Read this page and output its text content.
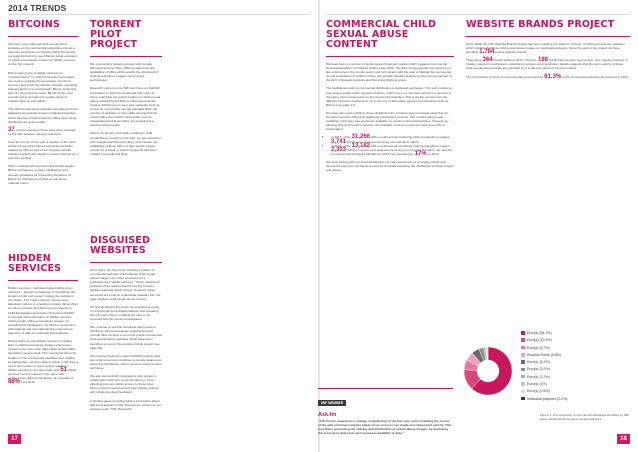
2014 TRENDS
BITCOINS

We have now confirmed child sexual abuse websites on the commercial subscription list as a payment mechanism in January 2014. Previously our analysts had only seen Bitcoin being accepted on child sexual abuse content on hidden services on the Tor network.

Bitcoin was a type of digital currency (or "cryptocurrency") in which encryption techniques are used to regulate the generation of units of currency and verify the transfer of funds, operating independently of a central bank. Bitcoin is the first type of cryptocurrency used. Bitcoin is the most popular and is accepted by a wide range of retailers both on and offline.

The child sexual abuse websites accepting bitcoins appeared as separate listed on hijacked websites which had been hacked and the URLs were being distributed via spam emails.

37 reports relating to these sites were received by the IWF between January and April.

Over the course of the year a number of the most prolific commercial child sexual abuse websites tracked by IWF as part of our ongoing website brands research also began to accept bitcoins as a payment method.

IWF is working with several of the world's largest Bitcoin exchanges to share intelligence and develop strategies for preventing the abuse of Bitcoin by distributors of child sexual abuse material online.

HIDDEN SERVICES

Hidden services – websites hosted within proxy networks – present a challenge to the IWF as the location of the web server hosting the website is not visible. This means that we cannot issue takedown notices to a hosting provider. Since 2014 we have provided the National Crime Agency's Child Exploitation and Online Protection (CEOP) Command with information on hidden services which contain child sexual abuse images, by providing this intelligence, the NCA in conjunction with national and international law enforcement agencies, is able to undertake investigations.

During 2014 we saw hidden services providing links to child sexual abuse images which were hosted on the open web rather than hosted within the hidden service itself. This meant that when the location of the content was identified and notified as appropriate, we were able to action it. We saw a rise in the number of such reports relating to hidden services in the open web, with 51 hidden services content hosted on the open web confirmed as child sexual abuse, an increase of 88% over 2013.

TORRENT PILOT PROJECT

We successfully piloted a project with Google Microsoft and the Home Office to determine the availability of URLs which enable the download of child sexual abuse images using torrent technologies.

Research carried out by IWF and the Lucy Faithfull Foundation in 2013 demonstrated that many of those searching via search engines for child sexual abuse material found links to child sexual abuse images. Whilst peer-to-peer type networks such as torrent do not typically use the standard Web, the number of websites on the public internet that list torrent URLs from which content files may be downloaded and these URLs are considered a search engine results.

Where we identify such URLs relating to child sexual abuse content on the web, we removed them with Google and Microsoft. Bing, who monitor the availability of those URLs in their search engine results. As a result, a search engine hit has been notified to Google and Bing.

DISGUISED WEBSITES

Since 2011, we have been tracking a pattern of commercial websites which display child sexual abuse images only when accessed via a predetermined "digital pathway". These "disguised" websites when loaded directly into the browser display legitimate adult content. However, when accessed via a link on a particular gateway site, the page displays child sexual abuse content.

On first identifying this trend, we engineered a way of circumventing the digital pathway and revealing the criminal content, enabling the sites to be removed and the owners investigated.

We continue to see this technique being used to distribute child sexual abuse material and also provide direct access to the most prolific commercial child sexual abuse websites which have been identified as part of the website brands project (see page 18).

We provided training to other INHOPE hotlines and law enforcement and continue to provide awareness about this distribution method and our circumvention technique.

We also successfully completed a pilot project in collaboration with one of our Members to more effectively prevent public access to these sites where content had previously been hidden and we will include the client feedback.

A briefing paper providing further information about this trend appears in the "Resources" section on our website under "IWF Research".

17
COMMERCIAL CHILD SEXUAL ABUSE CONTENT

We have been a member of the European Financial Coalition (EFC) against Commercial Sexual Exploitation of Children Online since 2010. The EFC brings together key actors from law enforcement, the private sector and civil society with the goal of fighting the commercial sexual exploitation of children online. We provide detailed analysis of the commercial part of the EFC's Strategic Analysis and Reporting Working group.

The traditional model of commercial distribution is dedicated webpages. This sells content to buy using a single online payment services, which rely on a merchant account or account in the same payment accounts as the commercial websites. This is via the content from the different payment mechanisms, as in the use of alternative payment mechanisms such as Bitcoin (see page 17).

We have also seen a shift by those distributing the criminal content towards using Pay-for-Premium services offered by legitimate cyberlocker services. The content being made available in this way was previously available on social commercial websites. However by allowing Pay-for-Premium services, the uploader receives a payment each time a file is downloaded.

• In 2013, of the 31,266 URLs confirmed as containing child sexual abuse images 3,741 (12%) were assessed as being commercial in nature.
• In 2014, of the 13,182 URLs confirmed as containing child sexual abuse images 2,303 (18%) of reports were assessed as being commercial. Therefore, the number of commercial webpages identified in 2014 has increased by 17% on 2013.

We work closely with our financial Members to raise awareness of emerging trends and disrupt the payment mechanisms used by criminals exploiting the distribution of these images and videos.

IWF MEMBER
Ask.fm
"Ask.fm has undergone a change of leadership in the last year, and combating the issues of the web and improving the safety of our users is our single most important priority. This tool offers preventing the sharing and distribution of sexual abuse images, by deploying the most up to date tools and resources available to date."
WEBSITE BRANDS PROJECT

Since 2009, the IWF Website Brands Project has been tracking the different "brands" of child sexual abuse websites which publicly distribute child sexual abuse images on dedicated websites. Since the start of the project we have identified 1,784 unique website brands.

There were 364 brands active in 2014. Of these, 188 (51%) had not been seen before. Our ongoing analysis of hosting, payment mechanisms, advertising systems and registration details suggests that the vast majority of these child sexual abuse brands are operated by a small core group of criminal entities.

The top location of these commercial sites accounted for 61.3% of the commercial websites we actioned in 2014.

Euro(s) (61.3%)
Euro(s) (13.9%)
Euro(s) (6.7%)
Russian Ruble (5.8%)
Euro(s) (5.2%)
Euro(s) (3.2%)
Euro(s) (1.2%)
Euro(s) (1%)
Euro(s) (0.6%)
Individual payment (0.2%)
Figure 9: The proportion of commercial webpages identified by IWF being distributed by top level commercial sites
18
